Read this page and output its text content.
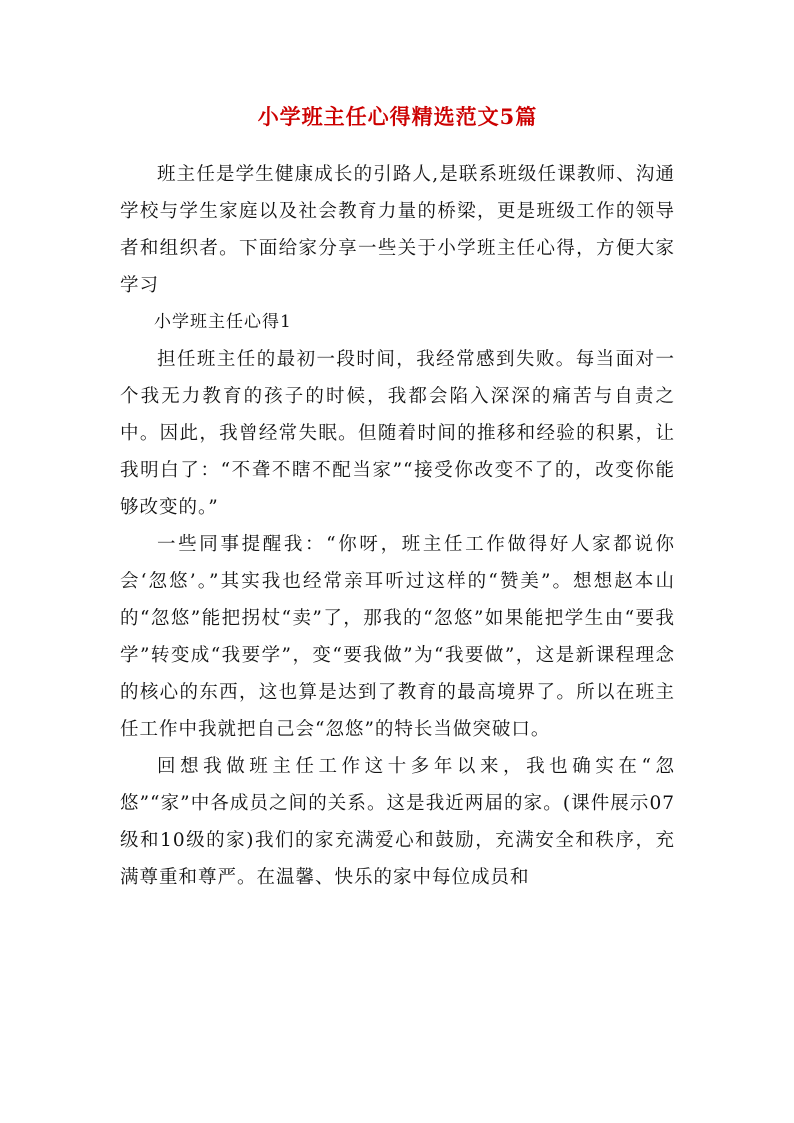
小学班主任心得精选范文5篇

班主任是学生健康成长的引路人,是联系班级任课教师、沟通学校与学生家庭以及社会教育力量的桥梁，更是班级工作的领导者和组织者。下面给家分享一些关于小学班主任心得，方便大家学习

小学班主任心得1

担任班主任的最初一段时间，我经常感到失败。每当面对一个我无力教育的孩子的时候，我都会陷入深深的痛苦与自责之中。因此，我曾经常失眠。但随着时间的推移和经验的积累，让我明白了：“不聋不瞎不配当家”“接受你改变不了的，改变你能够改变的。”

一些同事提醒我：“你呀，班主任工作做得好人家都说你会‘忽悠’。”其实我也经常亲耳听过这样的“赞美”。想想赵本山的“忽悠”能把拐杖“卖”了，那我的“忽悠”如果能把学生由“要我学”转变成“我要学”，变“要我做”为“我要做”，这是新课程理念的核心的东西，这也算是达到了教育的最高境界了。所以在班主任工作中我就把自己会“忽悠”的特长当做突破口。

回想我做班主任工作这十多年以来，我也确实在“忽悠”“家”中各成员之间的关系。这是我近两届的家。(课件展示07级和10级的家)我们的家充满爱心和鼓励，充满安全和秩序，充满尊重和尊严。在温馨、快乐的家中每位成员和
